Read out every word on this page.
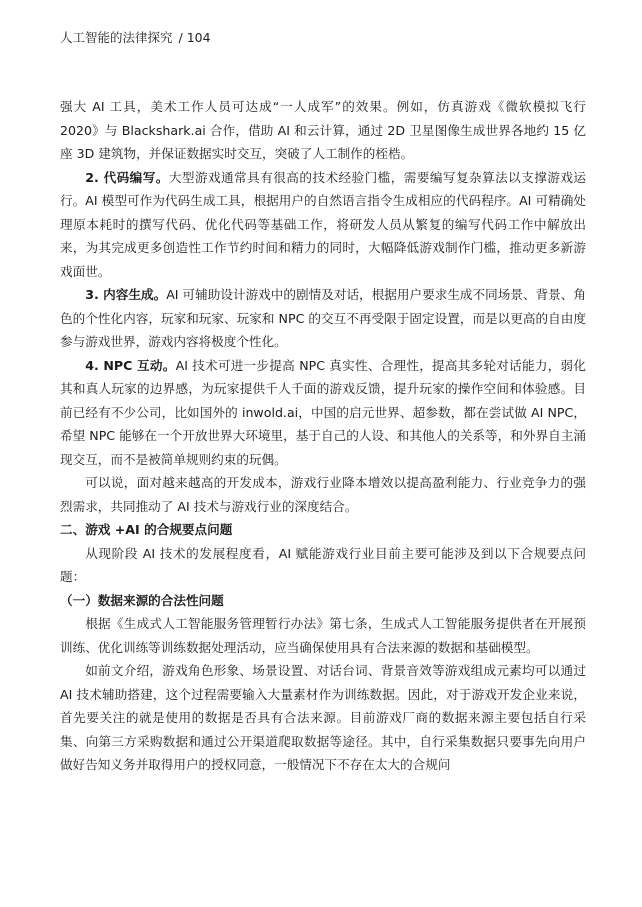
人工智能的法律探究 / 104

强大 AI 工具，美术工作人员可达成“一人成军”的效果。例如，仿真游戏《微软模拟飞行 2020》与 Blackshark.ai 合作，借助 AI 和云计算，通过 2D 卫星图像生成世界各地约 15 亿座 3D 建筑物，并保证数据实时交互，突破了人工制作的桎梏。

2. 代码编写。大型游戏通常具有很高的技术经验门槛，需要编写复杂算法以支撑游戏运行。AI 模型可作为代码生成工具，根据用户的自然语言指令生成相应的代码程序。AI 可精确处理原本耗时的撰写代码、优化代码等基础工作，将研发人员从繁复的编写代码工作中解放出来，为其完成更多创造性工作节约时间和精力的同时，大幅降低游戏制作门槛，推动更多新游戏面世。

3. 内容生成。AI 可辅助设计游戏中的剧情及对话，根据用户要求生成不同场景、背景、角色的个性化内容，玩家和玩家、玩家和 NPC 的交互不再受限于固定设置，而是以更高的自由度参与游戏世界，游戏内容将极度个性化。

4. NPC 互动。AI 技术可进一步提高 NPC 真实性、合理性，提高其多轮对话能力，弱化其和真人玩家的边界感，为玩家提供千人千面的游戏反馈，提升玩家的操作空间和体验感。目前已经有不少公司，比如国外的 inwold.ai，中国的启元世界、超参数，都在尝试做 AI NPC，希望 NPC 能够在一个开放世界大环境里，基于自己的人设、和其他人的关系等，和外界自主涌现交互，而不是被简单规则约束的玩偶。

可以说，面对越来越高的开发成本，游戏行业降本增效以提高盈利能力、行业竞争力的强烈需求，共同推动了 AI 技术与游戏行业的深度结合。

二、游戏 +AI 的合规要点问题

从现阶段 AI 技术的发展程度看，AI 赋能游戏行业目前主要可能涉及到以下合规要点问题：

（一）数据来源的合法性问题

根据《生成式人工智能服务管理暂行办法》第七条，生成式人工智能服务提供者在开展预训练、优化训练等训练数据处理活动，应当确保使用具有合法来源的数据和基础模型。

如前文介绍，游戏角色形象、场景设置、对话台词、背景音效等游戏组成元素均可以通过 AI 技术辅助搭建，这个过程需要输入大量素材作为训练数据。因此，对于游戏开发企业来说，首先要关注的就是使用的数据是否具有合法来源。目前游戏厂商的数据来源主要包括自行采集、向第三方采购数据和通过公开渠道爬取数据等途径。其中，自行采集数据只要事先向用户做好告知义务并取得用户的授权同意，一般情况下不存在太大的合规问
